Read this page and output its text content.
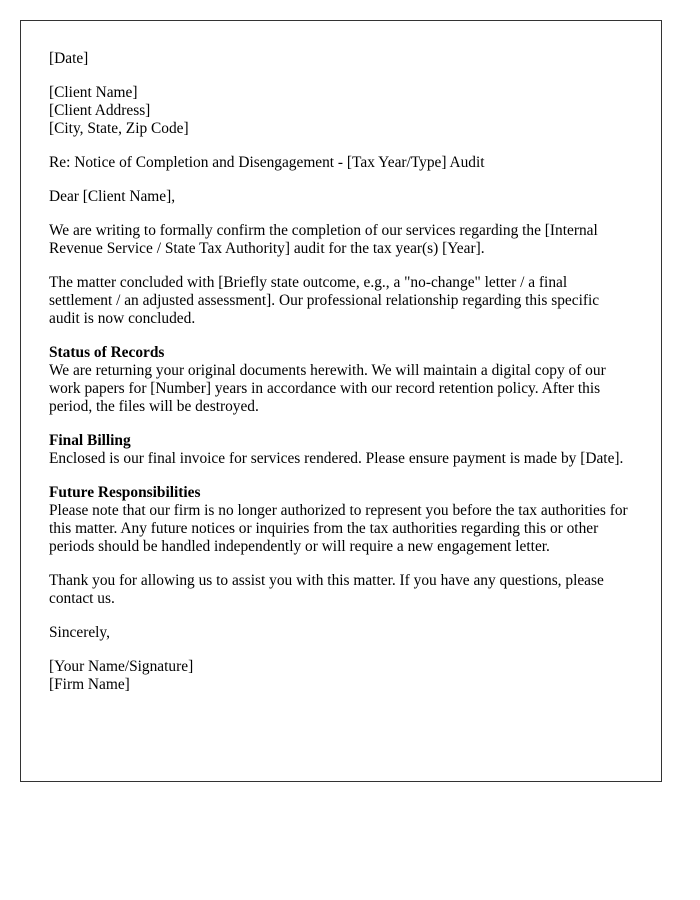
[Date]

[Client Name]

[Client Address]

[City, State, Zip Code]

Re: Notice of Completion and Disengagement - [Tax Year/Type] Audit

Dear [Client Name],

We are writing to formally confirm the completion of our services regarding the [Internal Revenue Service / State Tax Authority] audit for the tax year(s) [Year].

The matter concluded with [Briefly state outcome, e.g., a "no-change" letter / a final settlement / an adjusted assessment]. Our professional relationship regarding this specific audit is now concluded.

Status of Records

We are returning your original documents herewith. We will maintain a digital copy of our work papers for [Number] years in accordance with our record retention policy. After this period, the files will be destroyed.

Final Billing

Enclosed is our final invoice for services rendered. Please ensure payment is made by [Date].

Future Responsibilities

Please note that our firm is no longer authorized to represent you before the tax authorities for this matter. Any future notices or inquiries from the tax authorities regarding this or other periods should be handled independently or will require a new engagement letter.

Thank you for allowing us to assist you with this matter. If you have any questions, please contact us.

Sincerely,

[Your Name/Signature]

[Firm Name]
